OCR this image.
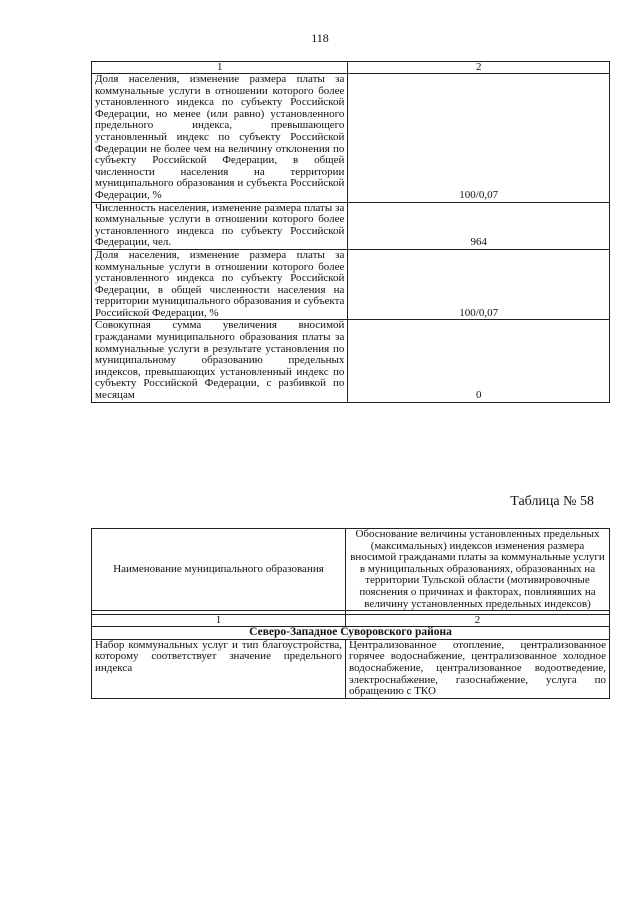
118
1	2
Доля населения, изменение размера платы за коммунальные услуги в отношении которого более установленного индекса по субъекту Российской Федерации, но менее (или равно) установленного предельного индекса, превышающего установленный индекс по субъекту Российской Федерации не более чем на величину отклонения по субъекту Российской Федерации, в общей численности населения на территории муниципального образования и субъекта Российской Федерации, %	100/0,07
Численность населения, изменение размера платы за коммунальные услуги в отношении которого более установленного индекса по субъекту Российской Федерации, чел.	964
Доля населения, изменение размера платы за коммунальные услуги в отношении которого более установленного индекса по субъекту Российской Федерации, в общей численности населения на территории муниципального образования и субъекта Российской Федерации, %	100/0,07
Совокупная сумма увеличения вносимой гражданами муниципального образования платы за коммунальные услуги в результате установления по муниципальному образованию предельных индексов, превышающих установленный индекс по субъекту Российской Федерации, с разбивкой по месяцам	0
Таблица № 58
Наименование муниципального образования	Обоснование величины установленных предельных (максимальных) индексов изменения размера вносимой гражданами платы за коммунальные услуги в муниципальных образованиях, образованных на территории Тульской области (мотивировочные пояснения о причинах и факторах, повлиявших на величину установленных предельных индексов)

1	2
Северо-Западное Суворовского района	
Набор коммунальных услуг и тип благоустройства, которому соответствует значение предельного индекса	Централизованное отопление, централизованное горячее водоснабжение, централизованное холодное водоснабжение, централизованное водоотведение, электроснабжение, газоснабжение, услуга по обращению с ТКО
